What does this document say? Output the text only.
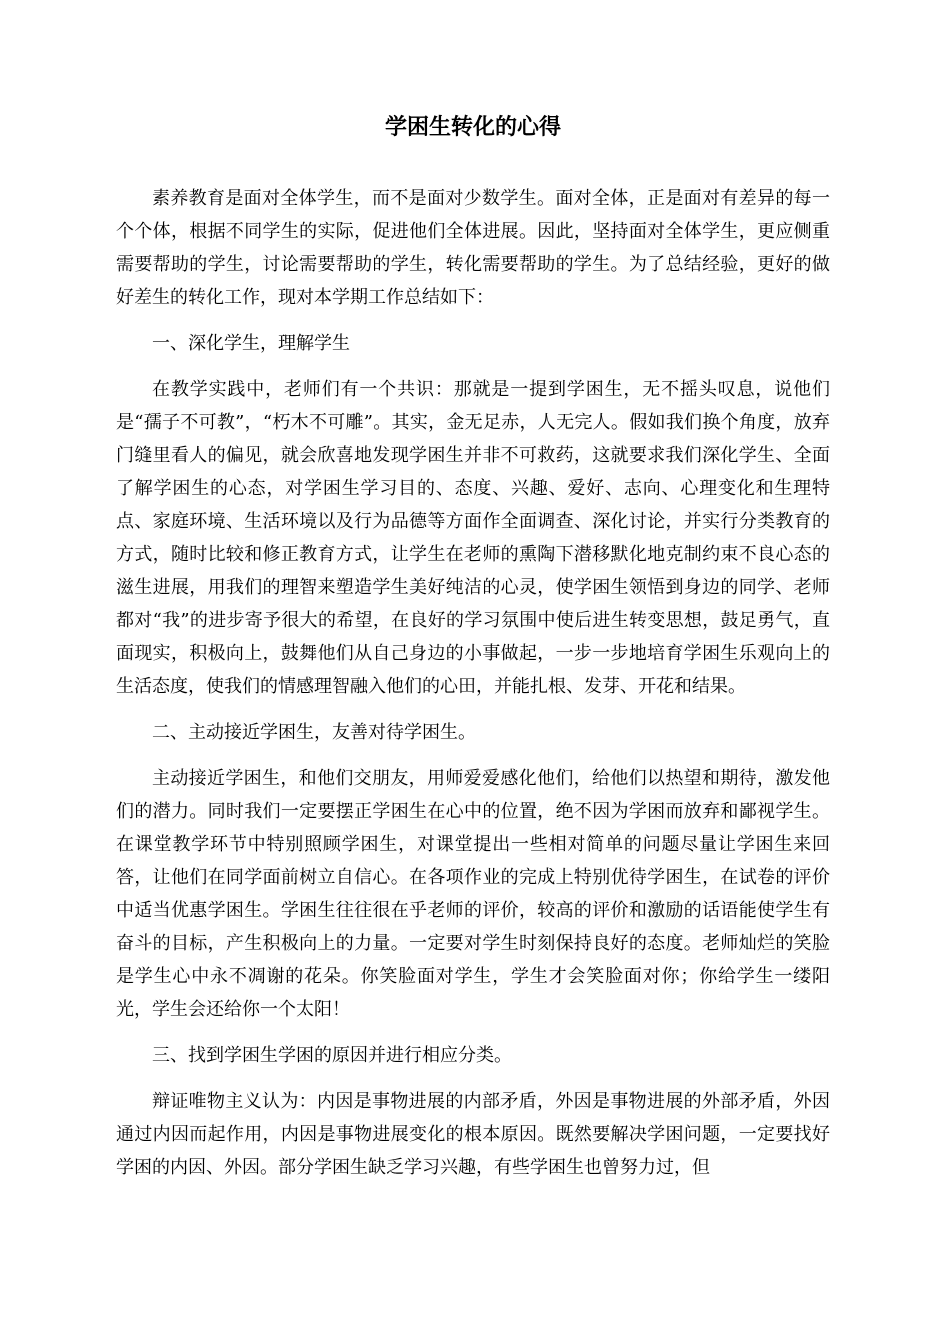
学困生转化的心得

素养教育是面对全体学生，而不是面对少数学生。面对全体，正是面对有差异的每一个个体，根据不同学生的实际，促进他们全体进展。因此，坚持面对全体学生，更应侧重需要帮助的学生，讨论需要帮助的学生，转化需要帮助的学生。为了总结经验，更好的做好差生的转化工作，现对本学期工作总结如下：

一、深化学生，理解学生

在教学实践中，老师们有一个共识：那就是一提到学困生，无不摇头叹息，说他们是“孺子不可教”，“朽木不可雕”。其实，金无足赤，人无完人。假如我们换个角度，放弃门缝里看人的偏见，就会欣喜地发现学困生并非不可救药，这就要求我们深化学生、全面了解学困生的心态，对学困生学习目的、态度、兴趣、爱好、志向、心理变化和生理特点、家庭环境、生活环境以及行为品德等方面作全面调查、深化讨论，并实行分类教育的方式，随时比较和修正教育方式，让学生在老师的熏陶下潜移默化地克制约束不良心态的滋生进展，用我们的理智来塑造学生美好纯洁的心灵，使学困生领悟到身边的同学、老师都对“我”的进步寄予很大的希望，在良好的学习氛围中使后进生转变思想，鼓足勇气，直面现实，积极向上，鼓舞他们从自己身边的小事做起，一步一步地培育学困生乐观向上的生活态度，使我们的情感理智融入他们的心田，并能扎根、发芽、开花和结果。

二、主动接近学困生，友善对待学困生。

主动接近学困生，和他们交朋友，用师爱爱感化他们，给他们以热望和期待，激发他们的潜力。同时我们一定要摆正学困生在心中的位置，绝不因为学困而放弃和鄙视学生。在课堂教学环节中特别照顾学困生，对课堂提出一些相对简单的问题尽量让学困生来回答，让他们在同学面前树立自信心。在各项作业的完成上特别优待学困生，在试卷的评价中适当优惠学困生。学困生往往很在乎老师的评价，较高的评价和激励的话语能使学生有奋斗的目标，产生积极向上的力量。一定要对学生时刻保持良好的态度。老师灿烂的笑脸是学生心中永不凋谢的花朵。你笑脸面对学生，学生才会笑脸面对你；你给学生一缕阳光，学生会还给你一个太阳！

三、找到学困生学困的原因并进行相应分类。

辩证唯物主义认为：内因是事物进展的内部矛盾，外因是事物进展的外部矛盾，外因通过内因而起作用，内因是事物进展变化的根本原因。既然要解决学困问题，一定要找好学困的内因、外因。部分学困生缺乏学习兴趣，有些学困生也曾努力过，但
